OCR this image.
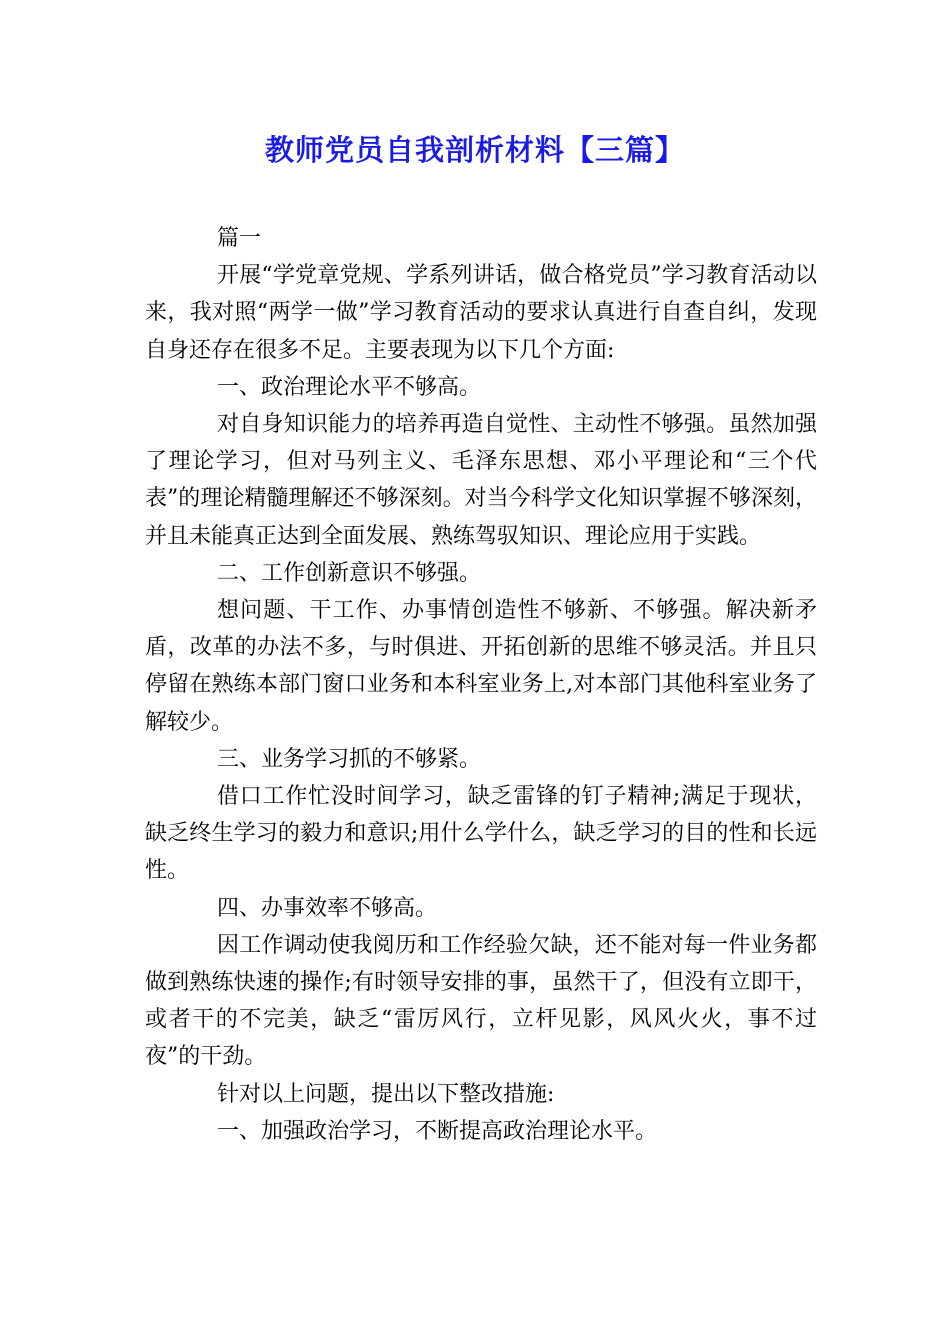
教师党员自我剖析材料【三篇】

篇一

开展“学党章党规、学系列讲话，做合格党员”学习教育活动以来，我对照“两学一做”学习教育活动的要求认真进行自查自纠，发现自身还存在很多不足。主要表现为以下几个方面:

一、政治理论水平不够高。

对自身知识能力的培养再造自觉性、主动性不够强。虽然加强了理论学习，但对马列主义、毛泽东思想、邓小平理论和“三个代表”的理论精髓理解还不够深刻。对当今科学文化知识掌握不够深刻，并且未能真正达到全面发展、熟练驾驭知识、理论应用于实践。

二、工作创新意识不够强。

想问题、干工作、办事情创造性不够新、不够强。解决新矛盾，改革的办法不多，与时俱进、开拓创新的思维不够灵活。并且只停留在熟练本部门窗口业务和本科室业务上,对本部门其他科室业务了解较少。

三、业务学习抓的不够紧。

借口工作忙没时间学习，缺乏雷锋的钉子精神;满足于现状，缺乏终生学习的毅力和意识;用什么学什么，缺乏学习的目的性和长远性。

四、办事效率不够高。

因工作调动使我阅历和工作经验欠缺，还不能对每一件业务都做到熟练快速的操作;有时领导安排的事，虽然干了，但没有立即干，或者干的不完美，缺乏“雷厉风行，立杆见影，风风火火，事不过夜”的干劲。

针对以上问题，提出以下整改措施:

一、加强政治学习，不断提高政治理论水平。
